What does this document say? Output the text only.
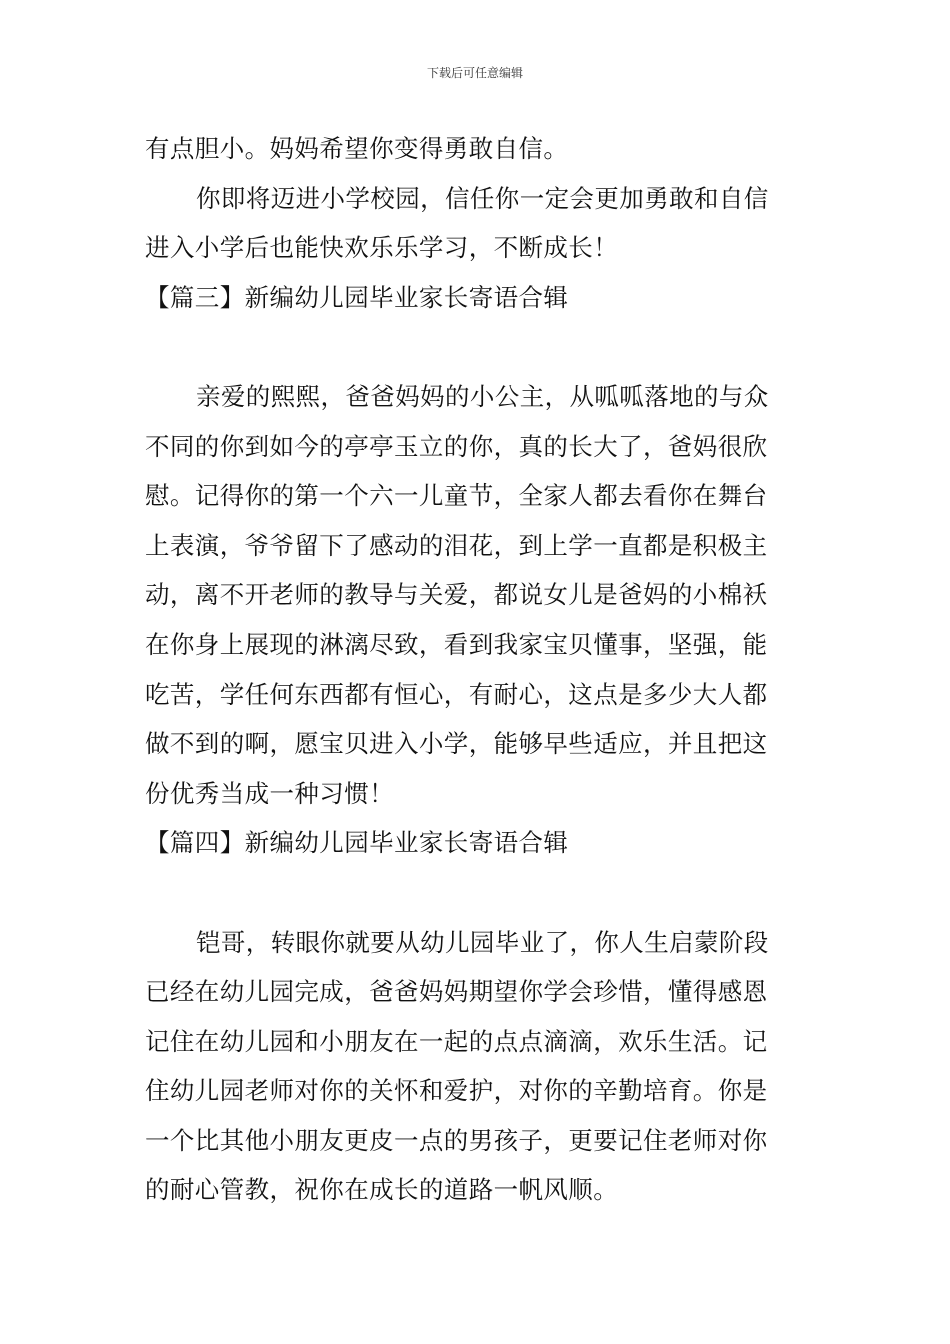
下载后可任意编辑
有点胆小。妈妈希望你变得勇敢自信。
你即将迈进小学校园，信任你一定会更加勇敢和自信
进入小学后也能快欢乐乐学习，不断成长！
【篇三】新编幼儿园毕业家长寄语合辑
亲爱的熙熙，爸爸妈妈的小公主，从呱呱落地的与众
不同的你到如今的亭亭玉立的你，真的长大了，爸妈很欣
慰。记得你的第一个六一儿童节，全家人都去看你在舞台
上表演，爷爷留下了感动的泪花，到上学一直都是积极主
动，离不开老师的教导与关爱，都说女儿是爸妈的小棉袄
在你身上展现的淋漓尽致，看到我家宝贝懂事，坚强，能
吃苦，学任何东西都有恒心，有耐心，这点是多少大人都
做不到的啊，愿宝贝进入小学，能够早些适应，并且把这
份优秀当成一种习惯！
【篇四】新编幼儿园毕业家长寄语合辑
铠哥，转眼你就要从幼儿园毕业了，你人生启蒙阶段
已经在幼儿园完成，爸爸妈妈期望你学会珍惜，懂得感恩
记住在幼儿园和小朋友在一起的点点滴滴，欢乐生活。记
住幼儿园老师对你的关怀和爱护，对你的辛勤培育。你是
一个比其他小朋友更皮一点的男孩子，更要记住老师对你
的耐心管教，祝你在成长的道路一帆风顺。
